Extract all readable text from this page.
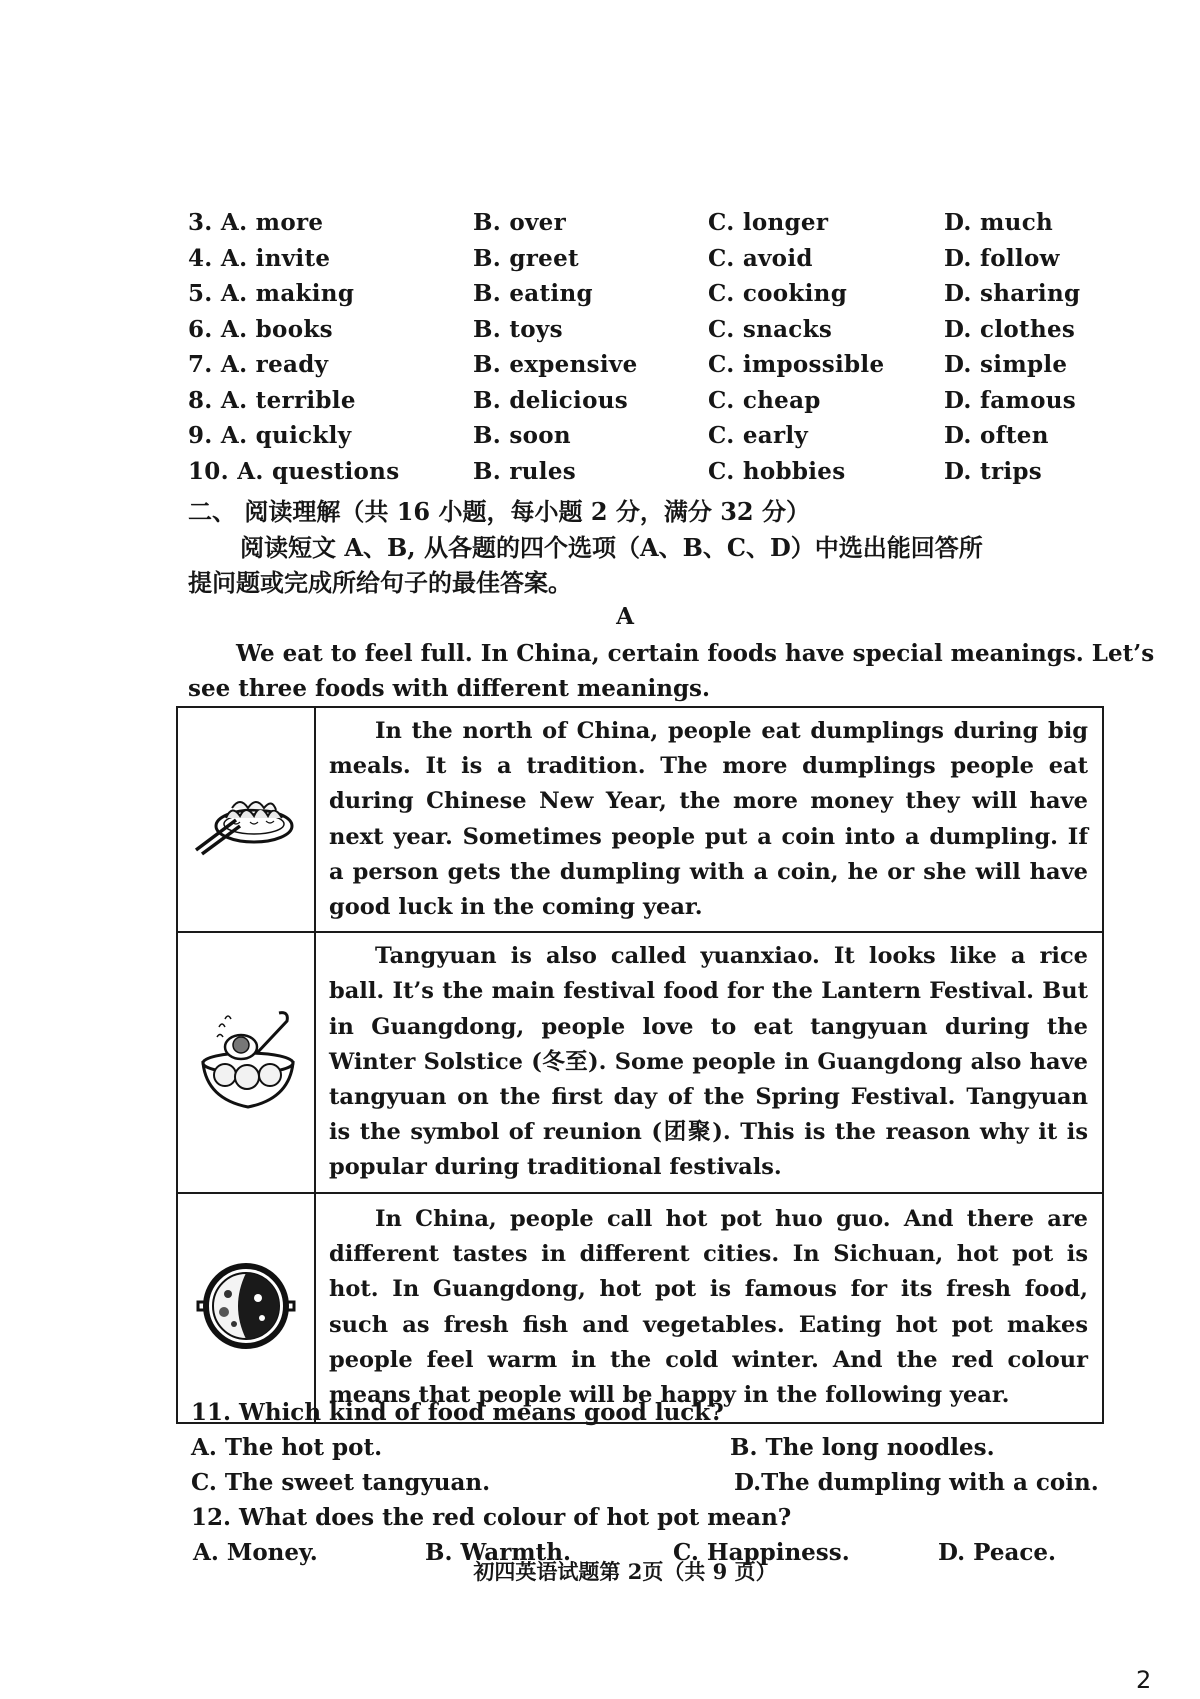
3. A. more	B. over	C. longer	D. much
4. A. invite	B. greet	C. avoid	D. follow
5. A. making	B. eating	C. cooking	D. sharing
6. A. books	B. toys	C. snacks	D. clothes
7. A. ready	B. expensive	C. impossible	D. simple
8. A. terrible	B. delicious	C. cheap	D. famous
9. A. quickly	B. soon	C. early	D. often
10. A. questions	B. rules	C. hobbies	D. trips
二、 阅读理解（共 16 小题，每小题 2 分，满分 32 分）
阅读短文 A、B, 从各题的四个选项（A、B、C、D）中选出能回答所
提问题或完成所给句子的最佳答案。
A
We eat to feel full. In China, certain foods have special meanings. Let’s
see three foods with different meanings.
	In the north of China, people eat dumplings during big meals. It is a tradition. The more dumplings people eat during Chinese New Year, the more money they will have next year. Sometimes people put a coin into a dumpling. If a person gets the dumpling with a coin, he or she will have good luck in the coming year.
	Tangyuan is also called yuanxiao. It looks like a rice ball. It’s the main festival food for the Lantern Festival. But in Guangdong, people love to eat tangyuan during the Winter Solstice (冬至). Some people in Guangdong also have tangyuan on the first day of the Spring Festival. Tangyuan is the symbol of reunion (团聚). This is the reason why it is popular during traditional festivals.
	In China, people call hot pot huo guo. And there are different tastes in different cities. In Sichuan, hot pot is hot. In Guangdong, hot pot is famous for its fresh food, such as fresh fish and vegetables. Eating hot pot makes people feel warm in the cold winter. And the red colour means that people will be happy in the following year.
11. Which kind of food means good luck?
A. The hot pot.	B. The long noodles.
C. The sweet tangyuan.	D.The dumpling with a coin.
12. What does the red colour of hot pot mean?
A. Money.	B. Warmth.	C. Happiness.	D. Peace.
初四英语试题第 2页（共 9 页）
2
